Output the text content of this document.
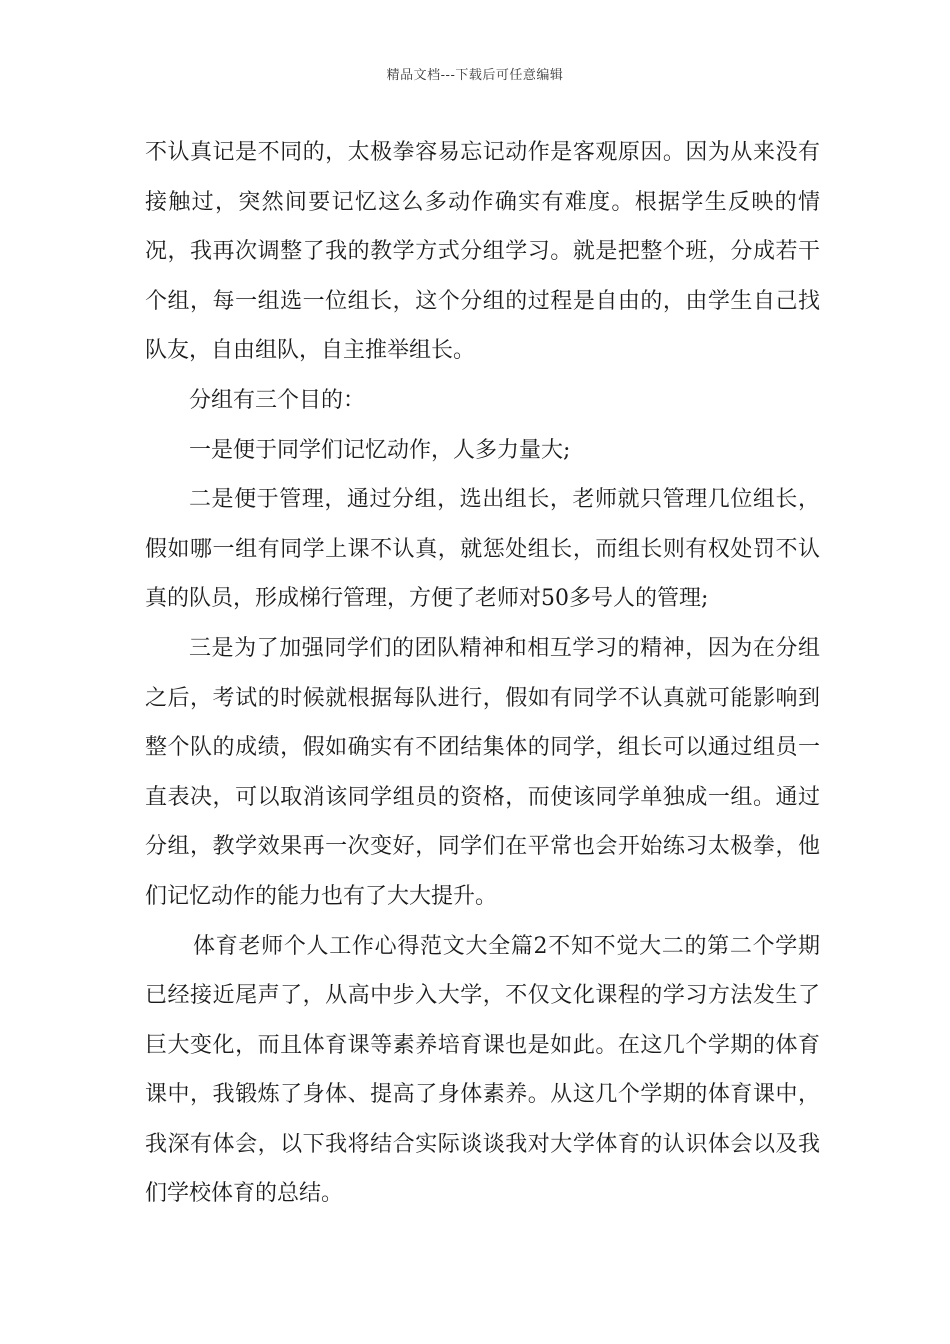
精品文档---下载后可任意编辑

不认真记是不同的，太极拳容易忘记动作是客观原因。因为从来没有接触过，突然间要记忆这么多动作确实有难度。根据学生反映的情况，我再次调整了我的教学方式分组学习。就是把整个班，分成若干个组，每一组选一位组长，这个分组的过程是自由的，由学生自己找队友，自由组队，自主推举组长。

分组有三个目的：

一是便于同学们记忆动作，人多力量大;

二是便于管理，通过分组，选出组长，老师就只管理几位组长，假如哪一组有同学上课不认真，就惩处组长，而组长则有权处罚不认真的队员，形成梯行管理，方便了老师对50多号人的管理;

三是为了加强同学们的团队精神和相互学习的精神，因为在分组之后，考试的时候就根据每队进行，假如有同学不认真就可能影响到整个队的成绩，假如确实有不团结集体的同学，组长可以通过组员一直表决，可以取消该同学组员的资格，而使该同学单独成一组。通过分组，教学效果再一次变好，同学们在平常也会开始练习太极拳，他们记忆动作的能力也有了大大提升。

体育老师个人工作心得范文大全篇2不知不觉大二的第二个学期已经接近尾声了，从高中步入大学，不仅文化课程的学习方法发生了巨大变化，而且体育课等素养培育课也是如此。在这几个学期的体育课中，我锻炼了身体、提高了身体素养。从这几个学期的体育课中，我深有体会，以下我将结合实际谈谈我对大学体育的认识体会以及我们学校体育的总结。
